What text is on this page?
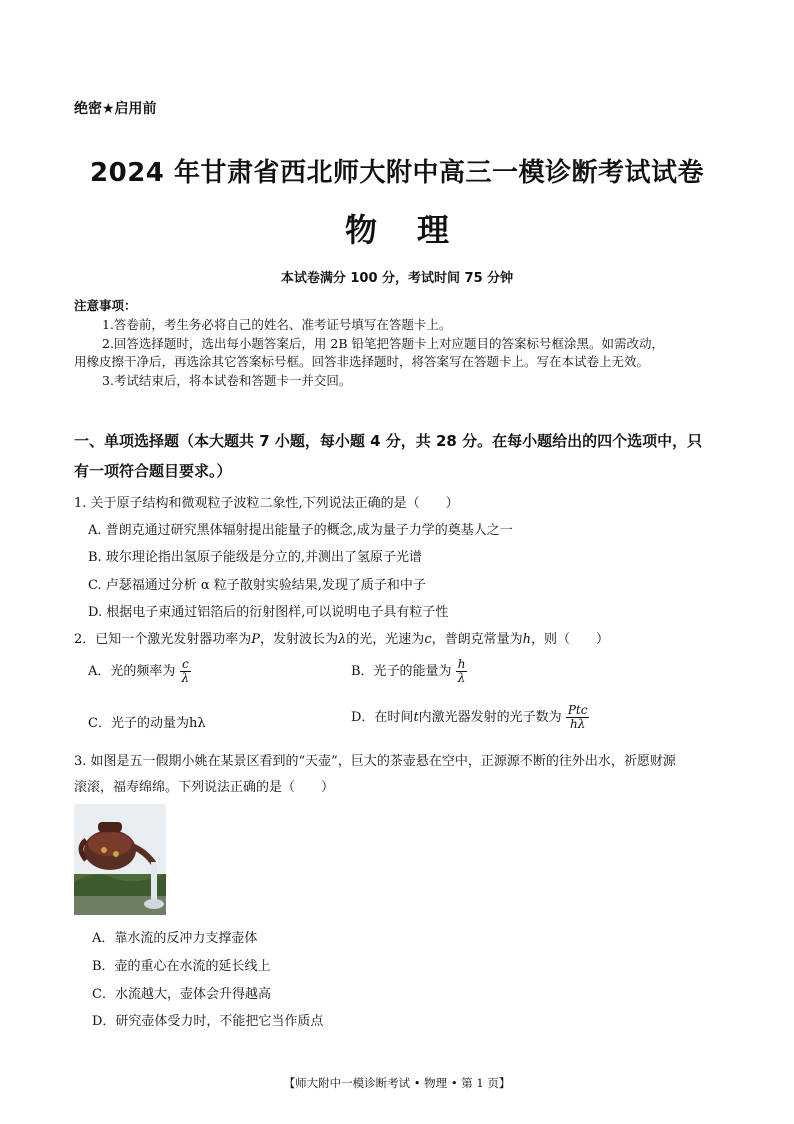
绝密★启用前
2024 年甘肃省西北师大附中高三一模诊断考试试卷
物理
本试卷满分 100 分，考试时间 75 分钟
注意事项：
1.答卷前，考生务必将自己的姓名、准考证号填写在答题卡上。
2.回答选择题时，选出每小题答案后，用 2B 铅笔把答题卡上对应题目的答案标号框涂黑。如需改动，
用橡皮擦干净后，再选涂其它答案标号框。回答非选择题时，将答案写在答题卡上。写在本试卷上无效。
3.考试结束后，将本试卷和答题卡一并交回。
一、单项选择题（本大题共 7 小题，每小题 4 分，共 28 分。在每小题给出的四个选项中，只
有一项符合题目要求。）
1. 关于原子结构和微观粒子波粒二象性,下列说法正确的是（　　）
A. 普朗克通过研究黑体辐射提出能量子的概念,成为量子力学的奠基人之一
B. 玻尔理论指出氢原子能级是分立的,并测出了氢原子光谱
C. 卢瑟福通过分析 α 粒子散射实验结果,发现了质子和中子
D. 根据电子束通过铝箔后的衍射图样,可以说明电子具有粒子性
2．已知一个激光发射器功率为P，发射波长为λ的光，光速为c，普朗克常量为h，则（　　）
A．光的频率为 $\frac{c}{\lambda}$	B．光子的能量为 $\frac{h}{\lambda}$
C．光子的动量为hλ	D．在时间t内激光器发射的光子数为 $\frac{\text{Ptc}}{h\lambda}$
3. 如图是五一假期小姚在某景区看到的“天壶”，巨大的茶壶悬在空中，正源源不断的往外出水，祈愿财源
滚滚，福寿绵绵。下列说法正确的是（　　）
A．靠水流的反冲力支撑壶体
B．壶的重心在水流的延长线上
C．水流越大，壶体会升得越高
D．研究壶体受力时，不能把它当作质点
【师大附中一模诊断考试 • 物理 • 第 1 页】
